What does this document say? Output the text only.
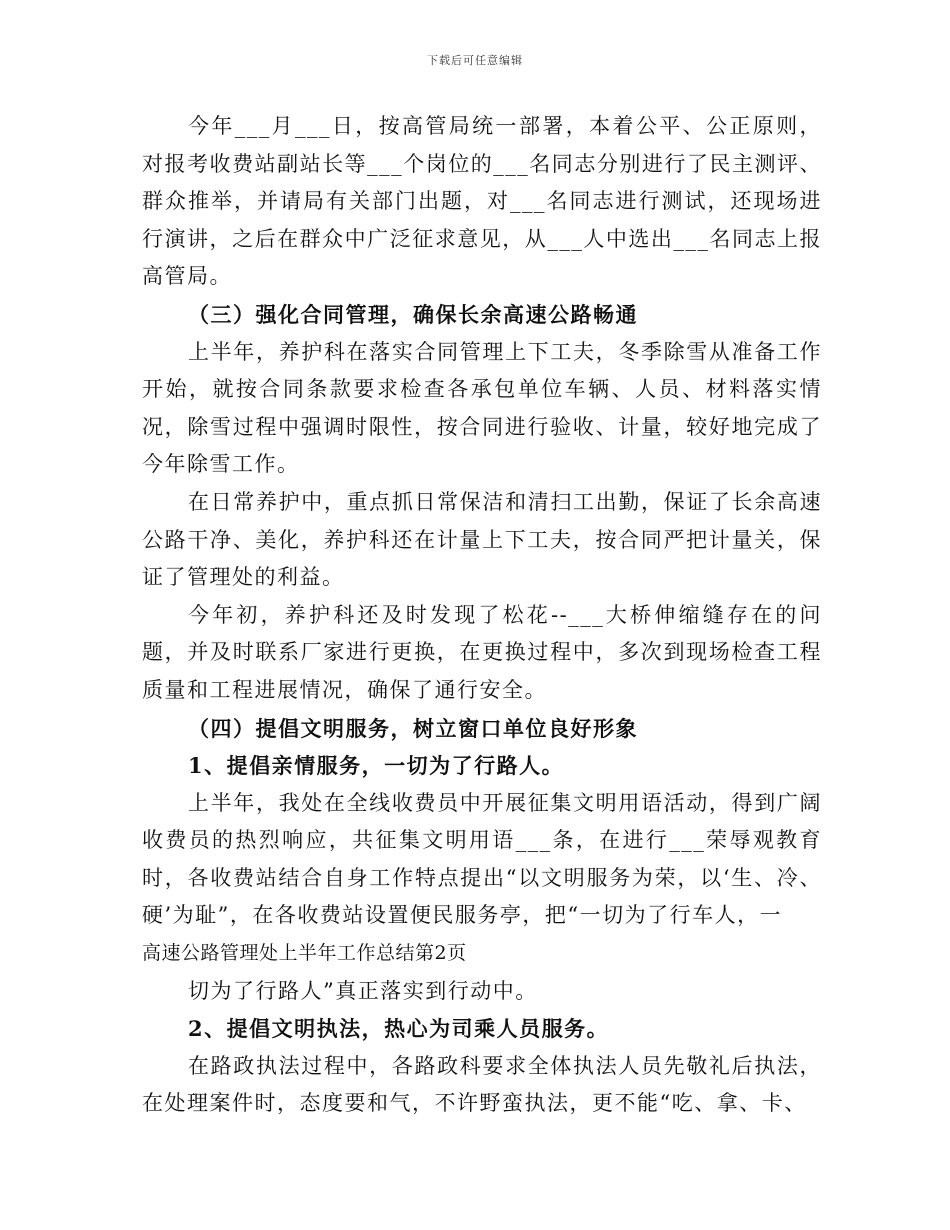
下载后可任意编辑

今年___月___日，按高管局统一部署，本着公平、公正原则，对报考收费站副站长等___个岗位的___名同志分别进行了民主测评、群众推举，并请局有关部门出题，对___名同志进行测试，还现场进行演讲，之后在群众中广泛征求意见，从___人中选出___名同志上报高管局。

（三）强化合同管理，确保长余高速公路畅通

上半年，养护科在落实合同管理上下工夫，冬季除雪从准备工作开始，就按合同条款要求检查各承包单位车辆、人员、材料落实情况，除雪过程中强调时限性，按合同进行验收、计量，较好地完成了今年除雪工作。

在日常养护中，重点抓日常保洁和清扫工出勤，保证了长余高速公路干净、美化，养护科还在计量上下工夫，按合同严把计量关，保证了管理处的利益。

今年初，养护科还及时发现了松花--___大桥伸缩缝存在的问题，并及时联系厂家进行更换，在更换过程中，多次到现场检查工程质量和工程进展情况，确保了通行安全。

（四）提倡文明服务，树立窗口单位良好形象

1、提倡亲情服务，一切为了行路人。

上半年，我处在全线收费员中开展征集文明用语活动，得到广阔收费员的热烈响应，共征集文明用语___条，在进行___荣辱观教育时，各收费站结合自身工作特点提出“以文明服务为荣，以‘生、冷、硬’为耻”，在各收费站设置便民服务亭，把“一切为了行车人，一

高速公路管理处上半年工作总结第2页

切为了行路人”真正落实到行动中。

2、提倡文明执法，热心为司乘人员服务。

在路政执法过程中，各路政科要求全体执法人员先敬礼后执法，在处理案件时，态度要和气，不许野蛮执法，更不能“吃、拿、卡、
